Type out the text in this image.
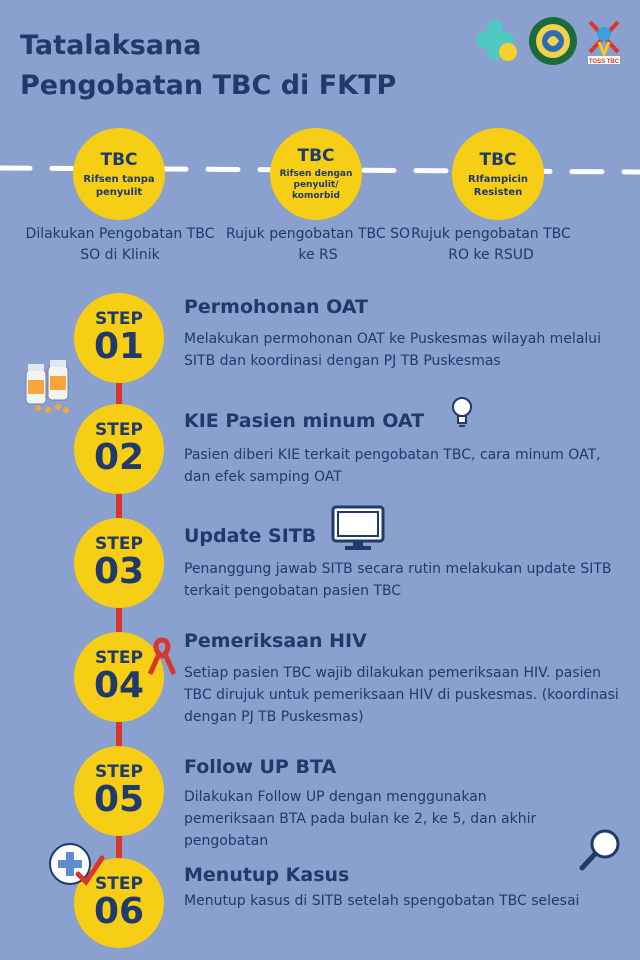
Tatalaksana
Pengobatan TBC di FKTP
TOSS TBC
TBC
Rifsen tanpa penyulit
TBC
Rifsen dengan penyulit/ komorbid
TBC
RIfampicin Resisten
Dilakukan Pengobatan TBC SO di Klinik
Rujuk pengobatan TBC SO ke RS
Rujuk pengobatan TBC RO ke RSUD
STEP
01
Permohonan OAT
Melakukan permohonan OAT ke Puskesmas wilayah melalui SITB dan koordinasi dengan PJ TB Puskesmas
STEP
02
KIE Pasien minum OAT
Pasien diberi KIE terkait pengobatan TBC, cara minum OAT, dan efek samping OAT
STEP
03
Update SITB
Penanggung jawab SITB secara rutin melakukan update SITB terkait pengobatan pasien TBC
STEP
04
Pemeriksaan HIV
Setiap pasien TBC wajib dilakukan pemeriksaan HIV. pasien TBC dirujuk untuk pemeriksaan HIV di puskesmas. (koordinasi dengan PJ TB Puskesmas)
STEP
05
Follow UP BTA
Dilakukan Follow UP dengan menggunakan pemeriksaan BTA pada bulan ke 2, ke 5, dan akhir pengobatan
STEP
06
Menutup Kasus
Menutup kasus di SITB setelah spengobatan TBC selesai
